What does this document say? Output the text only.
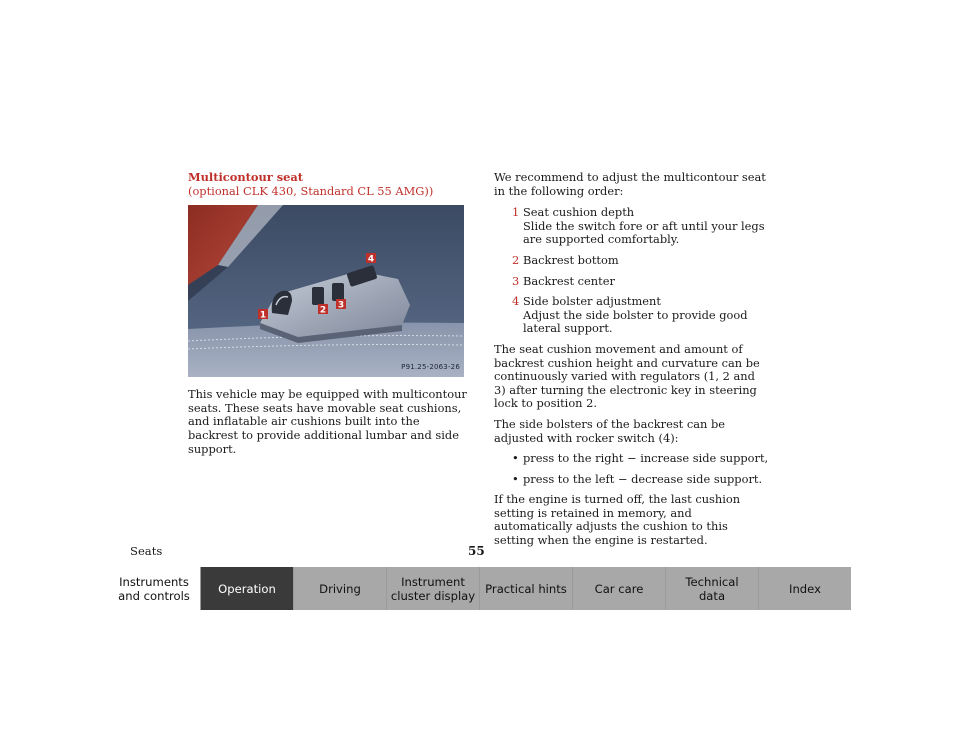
Multicontour seat
(optional CLK 430, Standard CL 55 AMG))
1	2 3
4
P91.25-2063-26

This vehicle may be equipped with multicontour seats. These seats have movable seat cushions, and inflatable air cushions built into the backrest to provide additional lumbar and side support.

We recommend to adjust the multicontour seat in the following order:

1 Seat cushion depth
Slide the switch fore or aft until your legs are supported comfortably.
2 Backrest bottom
3 Backrest center
4 Side bolster adjustment
Adjust the side bolster to provide good lateral support.

The seat cushion movement and amount of backrest cushion height and curvature can be continuously varied with regulators (1, 2 and 3) after turning the electronic key in steering lock to position 2.

The side bolsters of the backrest can be adjusted with rocker switch (4):

• press to the right − increase side support,
• press to the left − decrease side support.

If the engine is turned off, the last cushion setting is retained in memory, and automatically adjusts the cushion to this setting when the engine is restarted.

Seats	55
Instruments
and controls Operation	Driving	Instrument
cluster display Practical hints Car care	Technical
data	Index
